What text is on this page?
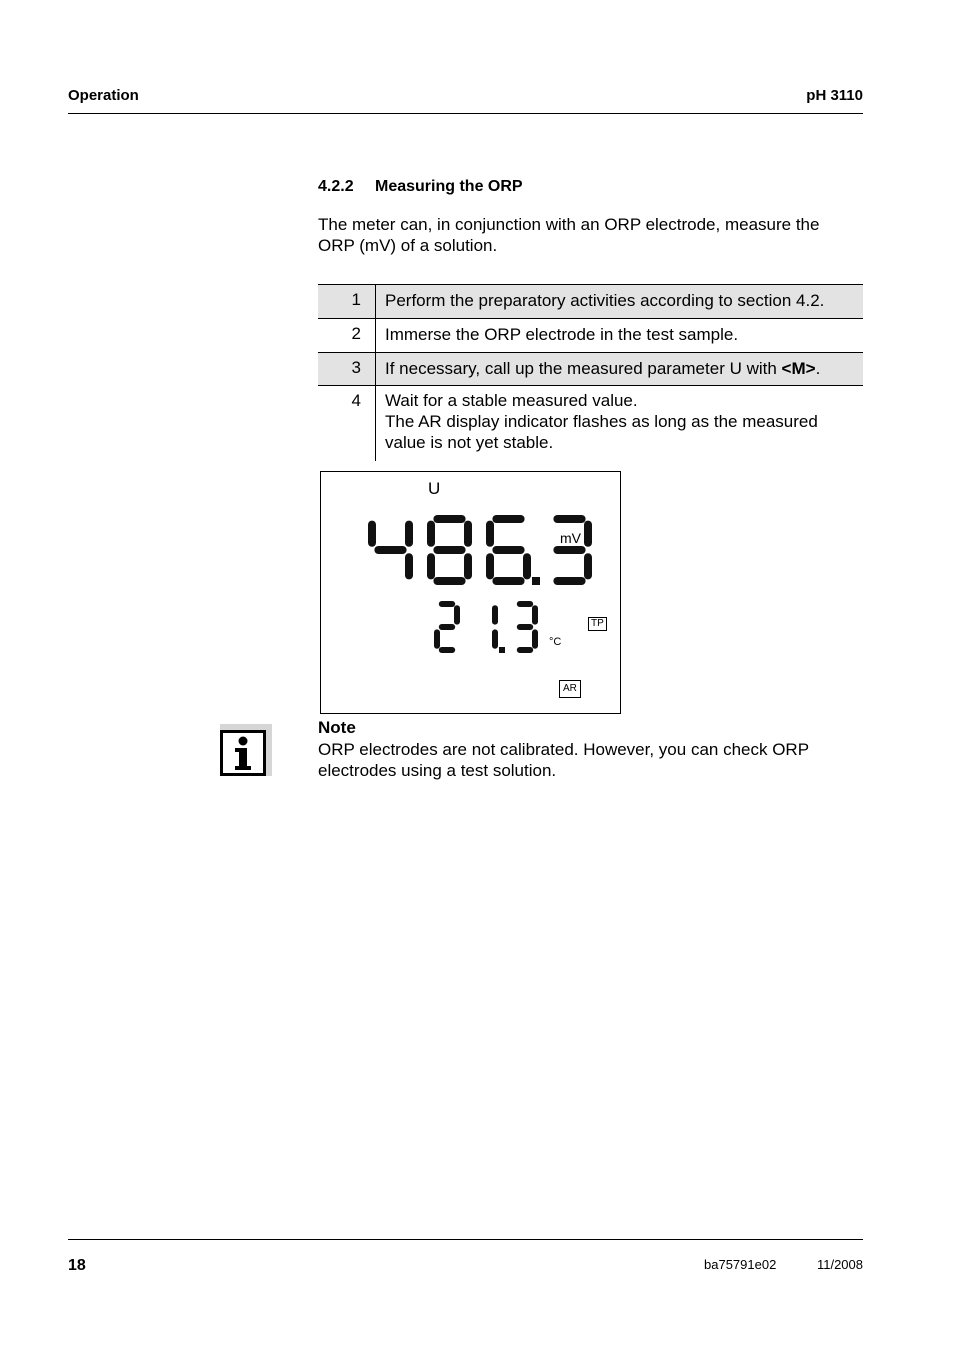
Operation	pH 3110
4.2.2 Measuring the ORP
The meter can, in conjunction with an ORP electrode, measure the
ORP (mV) of a solution.
1	Perform the preparatory activities according to section 4.2.
2	Immerse the ORP electrode in the test sample.
3	If necessary, call up the measured parameter U with <M>.
4	Wait for a stable measured value.
The AR display indicator flashes as long as the measured
value is not yet stable.
U
mV
°C
TP
AR
Note
ORP electrodes are not calibrated. However, you can check ORP
electrodes using a test solution.
18	ba75791e02	11/2008
